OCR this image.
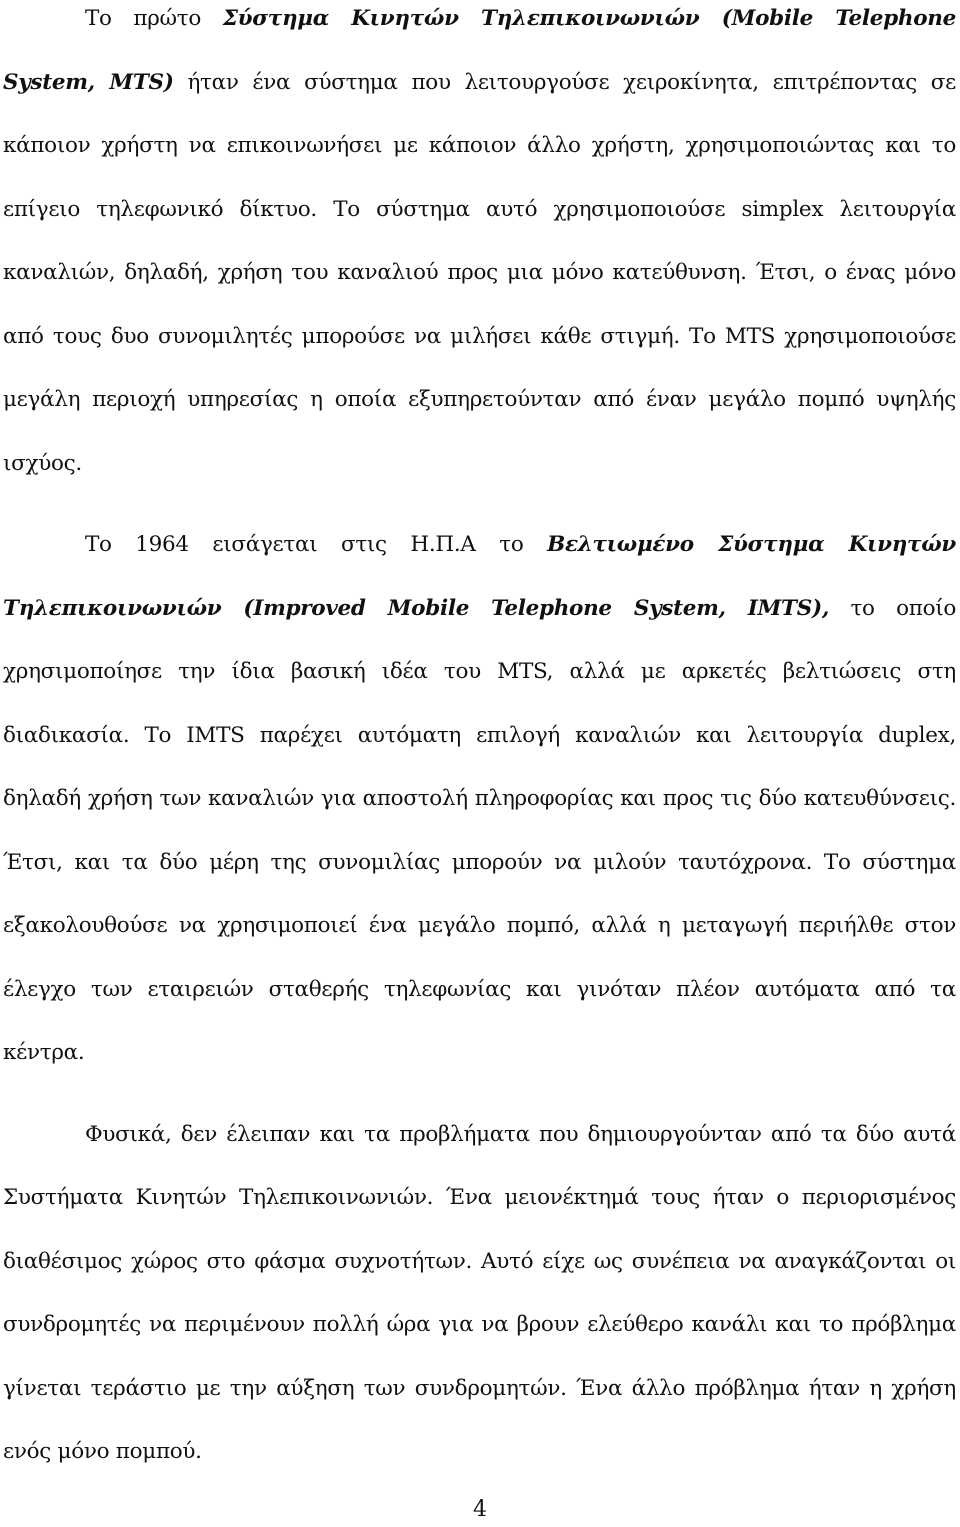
Το πρώτο Σύστημα Κινητών Τηλεπικοινωνιών (Mobile Telephone System, MTS) ήταν ένα σύστημα που λειτουργούσε χειροκίνητα, επιτρέποντας σε κάποιον χρήστη να επικοινωνήσει με κάποιον άλλο χρήστη, χρησιμοποιώντας και το επίγειο τηλεφωνικό δίκτυο. Το σύστημα αυτό χρησιμοποιούσε simplex λειτουργία καναλιών, δηλαδή, χρήση του καναλιού προς μια μόνο κατεύθυνση. Έτσι, ο ένας μόνο από τους δυο συνομιλητές μπορούσε να μιλήσει κάθε στιγμή. Το MTS χρησιμοποιούσε μεγάλη περιοχή υπηρεσίας η οποία εξυπηρετούνταν από έναν μεγάλο πομπό υψηλής ισχύος.

Το 1964 εισάγεται στις Η.Π.Α το Βελτιωμένο Σύστημα Κινητών Τηλεπικοινωνιών (Improved Mobile Telephone System, IMTS), το οποίο χρησιμοποίησε την ίδια βασική ιδέα του MTS, αλλά με αρκετές βελτιώσεις στη διαδικασία. Το IMTS παρέχει αυτόματη επιλογή καναλιών και λειτουργία duplex, δηλαδή χρήση των καναλιών για αποστολή πληροφορίας και προς τις δύο κατευθύνσεις. Έτσι, και τα δύο μέρη της συνομιλίας μπορούν να μιλούν ταυτόχρονα. Το σύστημα εξακολουθούσε να χρησιμοποιεί ένα μεγάλο πομπό, αλλά η μεταγωγή περιήλθε στον έλεγχο των εταιρειών σταθερής τηλεφωνίας και γινόταν πλέον αυτόματα από τα κέντρα.

Φυσικά, δεν έλειπαν και τα προβλήματα που δημιουργούνταν από τα δύο αυτά Συστήματα Κινητών Τηλεπικοινωνιών. Ένα μειονέκτημά τους ήταν ο περιορισμένος διαθέσιμος χώρος στο φάσμα συχνοτήτων. Αυτό είχε ως συνέπεια να αναγκάζονται οι συνδρομητές να περιμένουν πολλή ώρα για να βρουν ελεύθερο κανάλι και το πρόβλημα γίνεται τεράστιο με την αύξηση των συνδρομητών. Ένα άλλο πρόβλημα ήταν η χρήση ενός μόνο πομπού.

4
